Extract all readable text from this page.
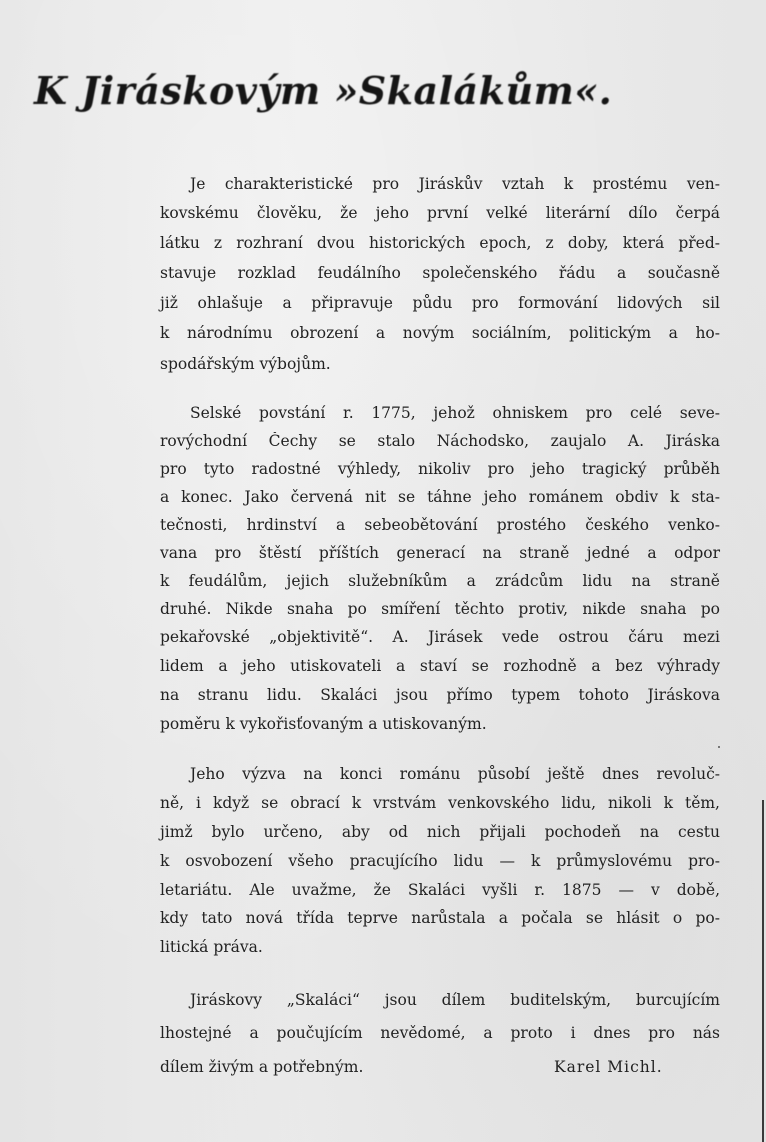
K Jiráskovým »Skalákům«.
Je charakteristické pro Jiráskův vztah k prostému ven-
kovskému člověku, že jeho první velké literární dílo čerpá
látku z rozhraní dvou historických epoch, z doby, která před-
stavuje rozklad feudálního společenského řádu a současně
již ohlašuje a připravuje půdu pro formování lidových sil
k národnímu obrození a novým sociálním, politickým a ho-
spodářským výbojům.
Selské povstání r. 1775, jehož ohniskem pro celé seve-
rovýchodní Čechy se stalo Náchodsko, zaujalo A. Jiráska
pro tyto radostné výhledy, nikoliv pro jeho tragický průběh
a konec. Jako červená nit se táhne jeho románem obdiv k sta-
tečnosti, hrdinství a sebeobětování prostého českého venko-
vana pro štěstí příštích generací na straně jedné a odpor
k feudálům, jejich služebníkům a zrádcům lidu na straně
druhé. Nikde snaha po smíření těchto protiv, nikde snaha po
pekařovské „objektivitě“. A. Jirásek vede ostrou čáru mezi
lidem a jeho utiskovateli a staví se rozhodně a bez výhrady
na stranu lidu. Skaláci jsou přímo typem tohoto Jiráskova
poměru k vykořisťovaným a utiskovaným.
Jeho výzva na konci románu působí ještě dnes revoluč-
ně, i když se obrací k vrstvám venkovského lidu, nikoli k těm,
jimž bylo určeno, aby od nich přijali pochodeň na cestu
k osvobození všeho pracujícího lidu — k průmyslovému pro-
letariátu. Ale uvažme, že Skaláci vyšli r. 1875 — v době,
kdy tato nová třída teprve narůstala a počala se hlásit o po-
litická práva.
Jiráskovy „Skaláci“ jsou dílem buditelským, burcujícím
lhostejné a poučujícím nevědomé, a proto i dnes pro nás
dílem živým a potřebným.	Karel Michl.
